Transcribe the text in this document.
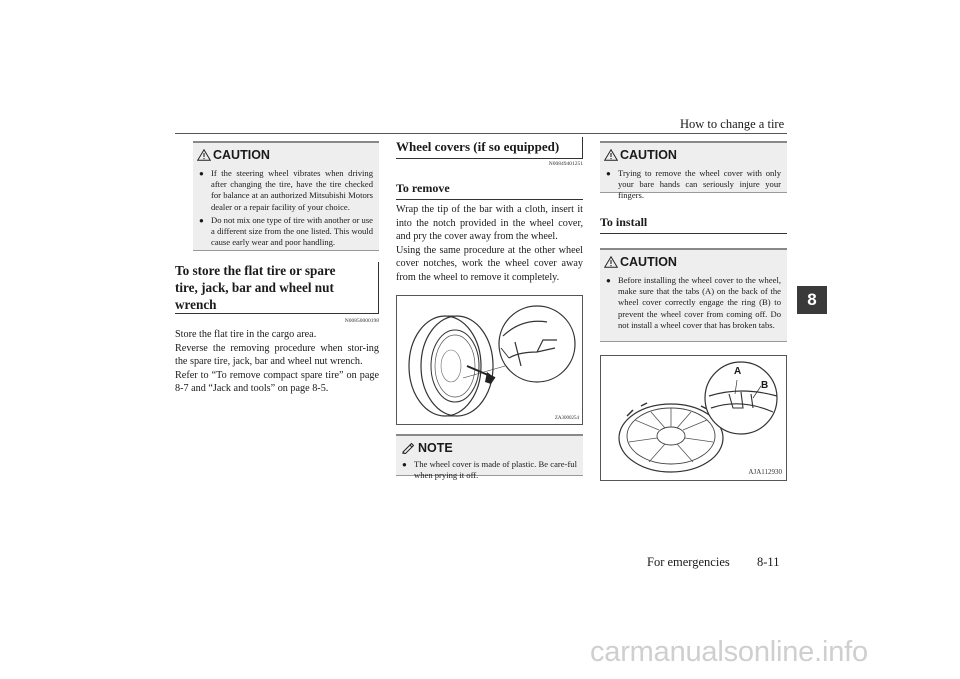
How to change a tire
For emergencies 8-11
8
CAUTION
● If the steering wheel vibrates when driving after changing the tire, have the tire checked for balance at an authorized Mitsubishi Motors dealer or a repair facility of your choice.
● Do not mix one type of tire with another or use a different size from the one listed. This would cause early wear and poor handling.
To store the flat tire or spare tire, jack, bar and wheel nut wrench
N00850000198

Store the flat tire in the cargo area.

Reverse the removing procedure when stor-ing the spare tire, jack, bar and wheel nut wrench.

Refer to “To remove compact spare tire” on page 8-7 and “Jack and tools” on page 8-5.

Wheel covers (if so equipped)
N00849401251
To remove

Wrap the tip of the bar with a cloth, insert it into the notch provided in the wheel cover, and pry the cover away from the wheel.

Using the same procedure at the other wheel cover notches, work the wheel cover away from the wheel to remove it completely.

ZA3000254
NOTE
● The wheel cover is made of plastic. Be care-ful when prying it off.
CAUTION
● Trying to remove the wheel cover with only your bare hands can seriously injure your fingers.
To install
CAUTION
● Before installing the wheel cover to the wheel, make sure that the tabs (A) on the back of the wheel cover correctly engage the ring (B) to prevent the wheel cover from coming off. Do not install a wheel cover that has broken tabs.
A
B
AJA112930
carmanualsonline.info
